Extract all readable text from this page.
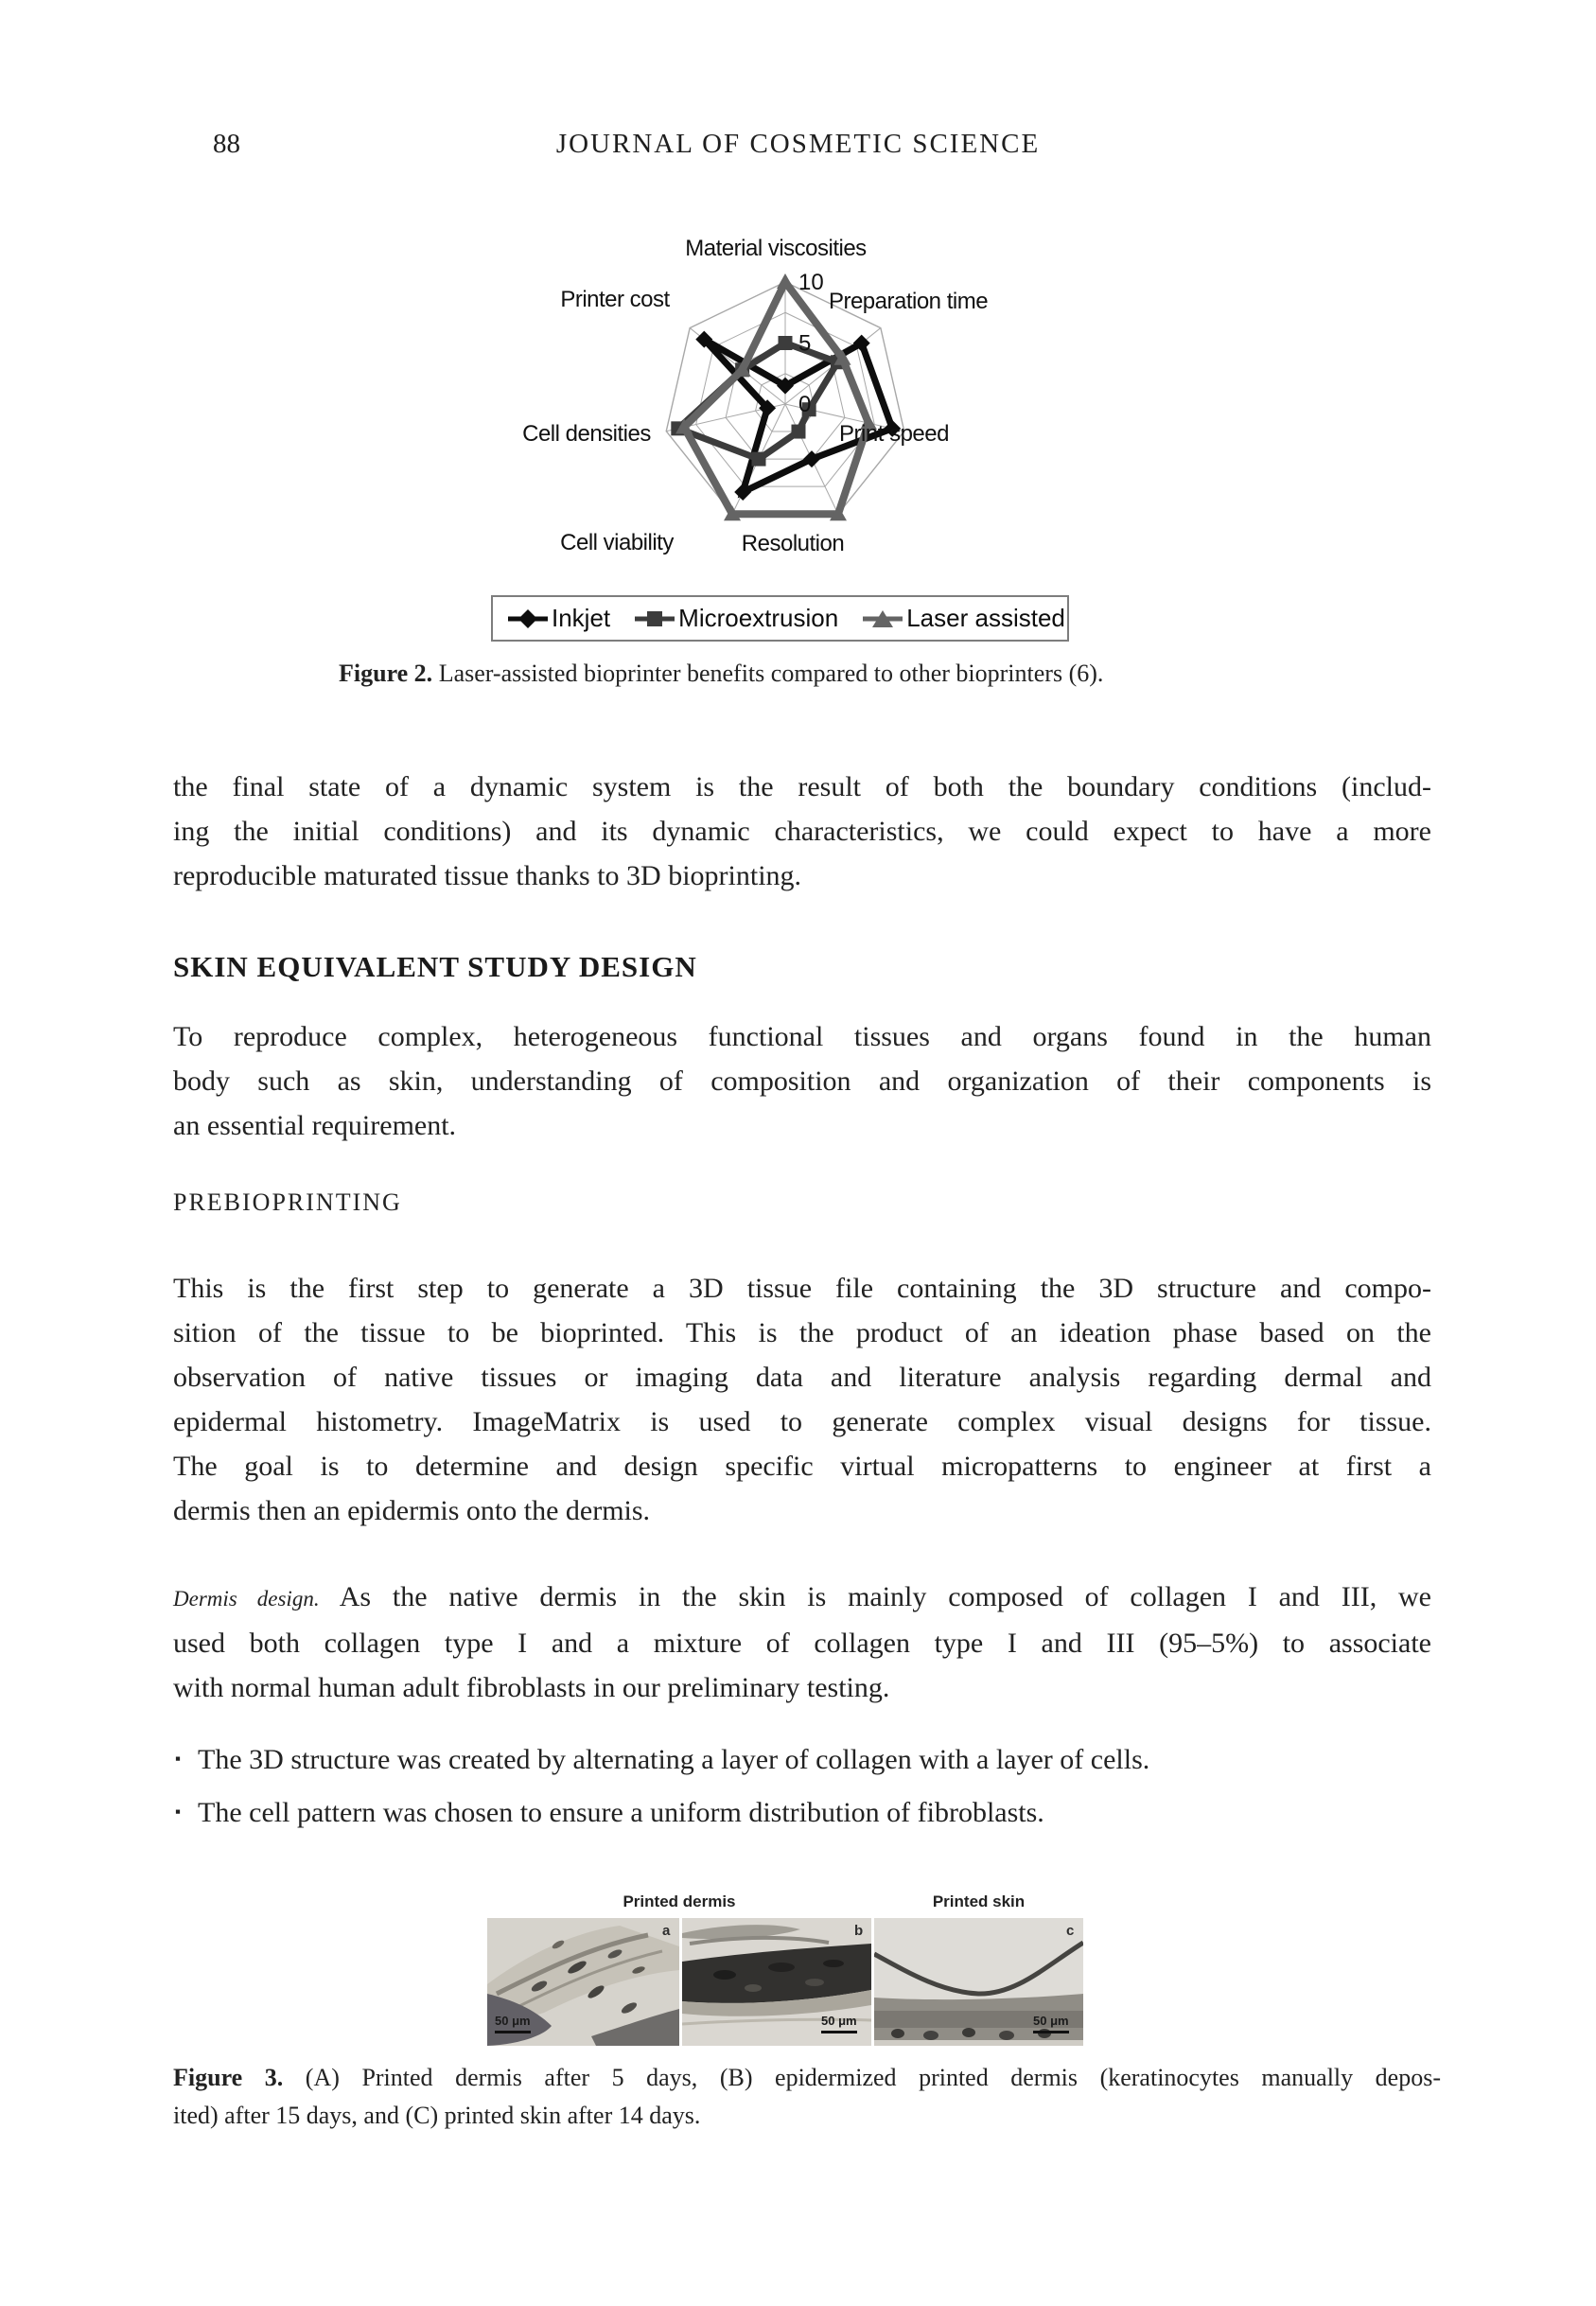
88	JOURNAL OF COSMETIC SCIENCE
0
5
10
Material viscosities
Preparation time
Print speed
Resolution
Cell viability
Cell densities
Printer cost
Inkjet	Microextrusion	Laser assisted
Figure 2. Laser-assisted bioprinter benefits compared to other bioprinters (6).
the final state of a dynamic system is the result of both the boundary conditions (includ-
ing the initial conditions) and its dynamic characteristics, we could expect to have a more
reproducible maturated tissue thanks to 3D bioprinting.
SKIN EQUIVALENT STUDY DESIGN
To reproduce complex, heterogeneous functional tissues and organs found in the human
body such as skin, understanding of composition and organization of their components is
an essential requirement.
PREBIOPRINTING
This is the first step to generate a 3D tissue file containing the 3D structure and compo-
sition of the tissue to be bioprinted. This is the product of an ideation phase based on the
observation of native tissues or imaging data and literature analysis regarding dermal and
epidermal histometry. ImageMatrix is used to generate complex visual designs for tissue.
The goal is to determine and design specific virtual micropatterns to engineer at first a
dermis then an epidermis onto the dermis.
Dermis design. As the native dermis in the skin is mainly composed of collagen I and III, we
used both collagen type I and a mixture of collagen type I and III (95–5%) to associate
with normal human adult fibroblasts in our preliminary testing.
▪ The 3D structure was created by alternating a layer of collagen with a layer of cells.
▪ The cell pattern was chosen to ensure a uniform distribution of fibroblasts.
Printed dermis	Printed skin
a	b	c
50 μm	50 μm	50 μm
Figure 3. (A) Printed dermis after 5 days, (B) epidermized printed dermis (keratinocytes manually depos-
ited) after 15 days, and (C) printed skin after 14 days.
